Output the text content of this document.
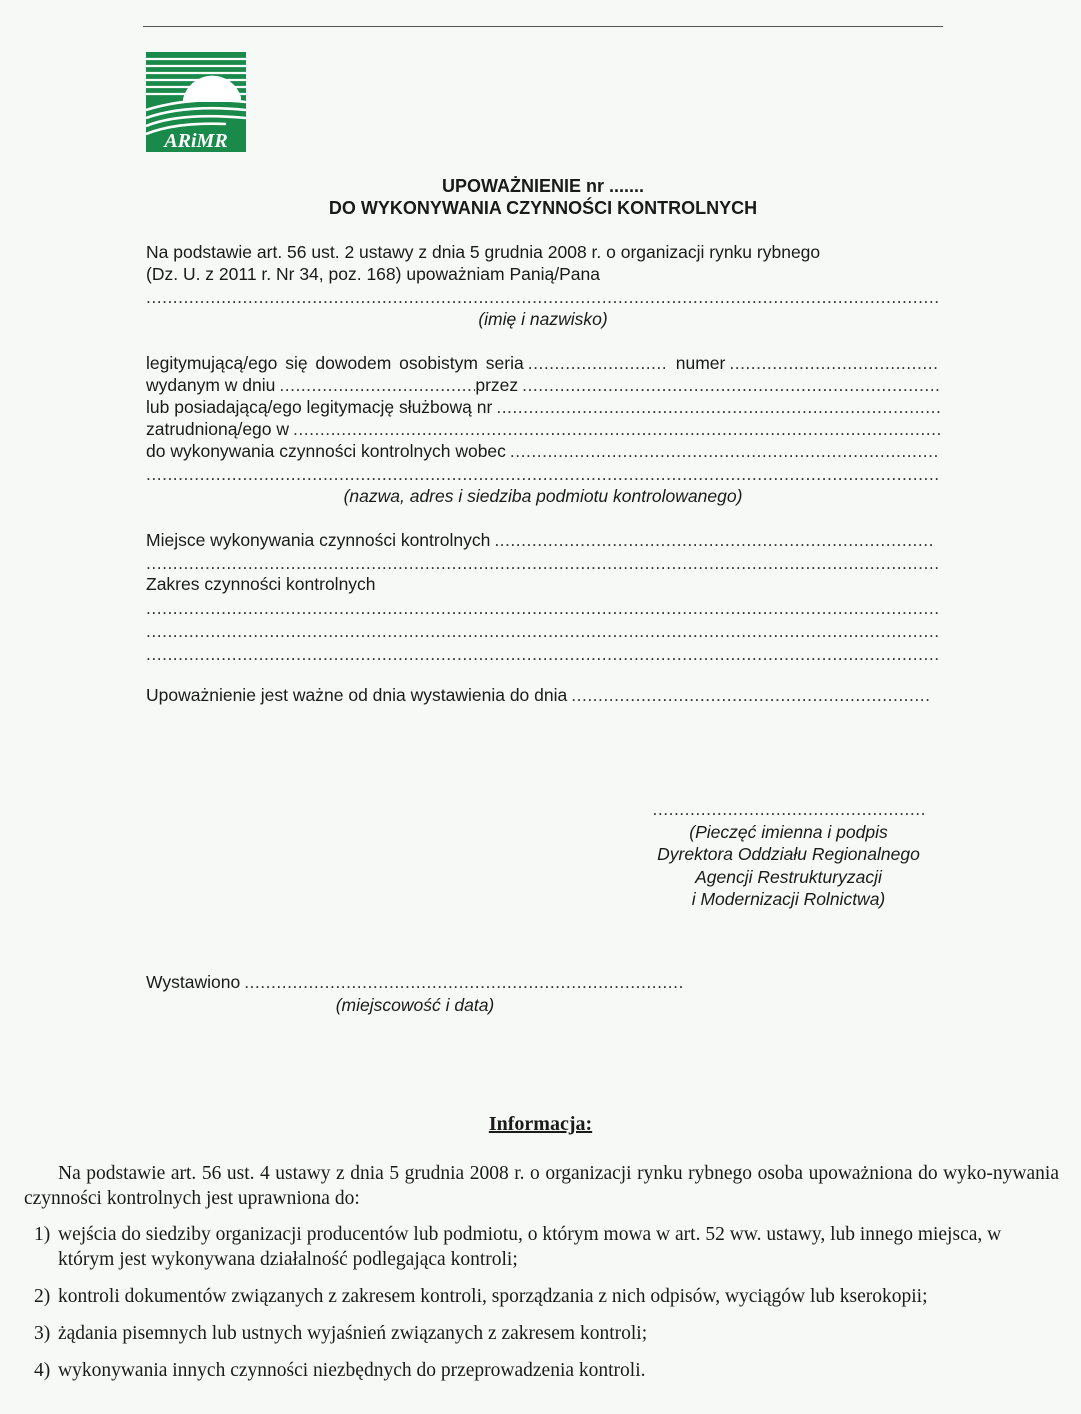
ARiMR
UPOWAŻNIENIE nr .......
DO WYKONYWANIA CZYNNOŚCI KONTROLNYCH
Na podstawie art. 56 ust. 2 ustawy z dnia 5 grudnia 2008 r. o organizacji rynku rybnego
(Dz. U. z 2011 r. Nr 34, poz. 168) upoważniam Panią/Pana
.....
(imię i nazwisko)
legitymującą/ego się dowodem osobistym seria .....	numer
.....
wydanym w dniu .....	przez
.....
lub posiadającą/ego legitymację służbową nr
.....
zatrudnioną/ego w
.....
do wykonywania czynności kontrolnych wobec
.....
.....
(nazwa, adres i siedziba podmiotu kontrolowanego)
Miejsce wykonywania czynności kontrolnych
.....
.....
Zakres czynności kontrolnych
.....
.....
.....
Upoważnienie jest ważne od dnia wystawienia do dnia
.....
.....
(Pieczęć imienna i podpis
Dyrektora Oddziału Regionalnego
Agencji Restrukturyzacji
i Modernizacji Rolnictwa)
Wystawiono
.....
(miejscowość i data)
Informacja:
Na podstawie art. 56 ust. 4 ustawy z dnia 5 grudnia 2008 r. o organizacji rynku rybnego osoba upoważniona do wyko-nywania czynności kontrolnych jest uprawniona do:
1) wejścia do siedziby organizacji producentów lub podmiotu, o którym mowa w art. 52 ww. ustawy, lub innego miejsca, w którym jest wykonywana działalność podlegająca kontroli;
2) kontroli dokumentów związanych z zakresem kontroli, sporządzania z nich odpisów, wyciągów lub kserokopii;
3) żądania pisemnych lub ustnych wyjaśnień związanych z zakresem kontroli;
4) wykonywania innych czynności niezbędnych do przeprowadzenia kontroli.
